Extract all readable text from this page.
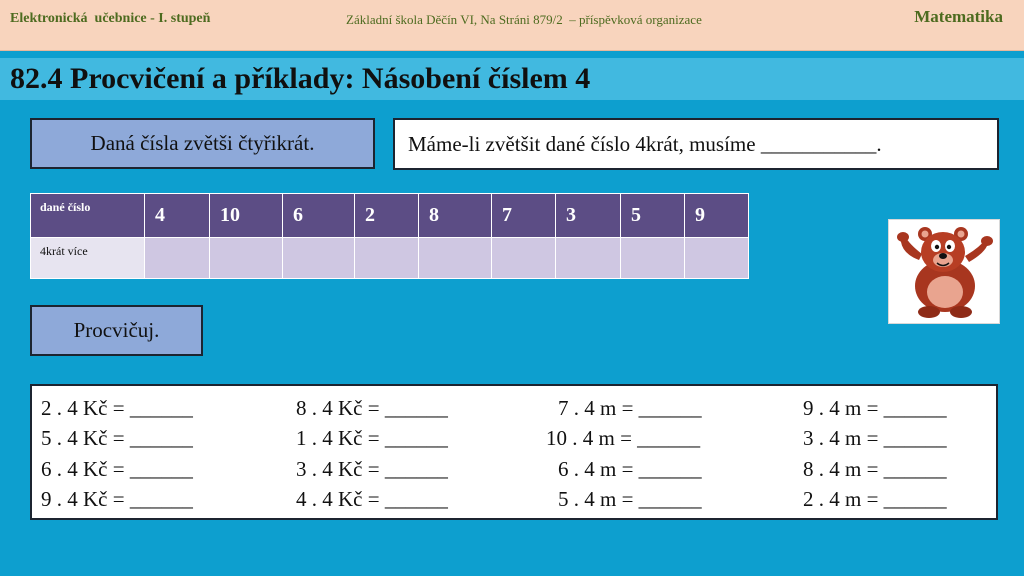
Elektronická  učebnice - I. stupeň	Základní škola Děčín VI, Na Stráni 879/2  – příspěvková organizace	Matematika
82.4 Procvičení a příklady: Násobení číslem 4
Daná čísla zvětši čtyřikrát.	Máme-li zvětšit dané číslo 4krát, musíme ___________.
dané číslo	4	10	6	2	8	7	3	5	9
4krát více									
Procvičuj.
2 . 4 Kč = ______
5 . 4 Kč = ______
6 . 4 Kč = ______
9 . 4 Kč = ______
8 . 4 Kč = ______
1 . 4 Kč = ______
3 . 4 Kč = ______
4 . 4 Kč = ______
7 . 4 m = ______
10 . 4 m = ______
6 . 4 m = ______
5 . 4 m = ______
9 . 4 m = ______
3 . 4 m = ______
8 . 4 m = ______
2 . 4 m = ______
